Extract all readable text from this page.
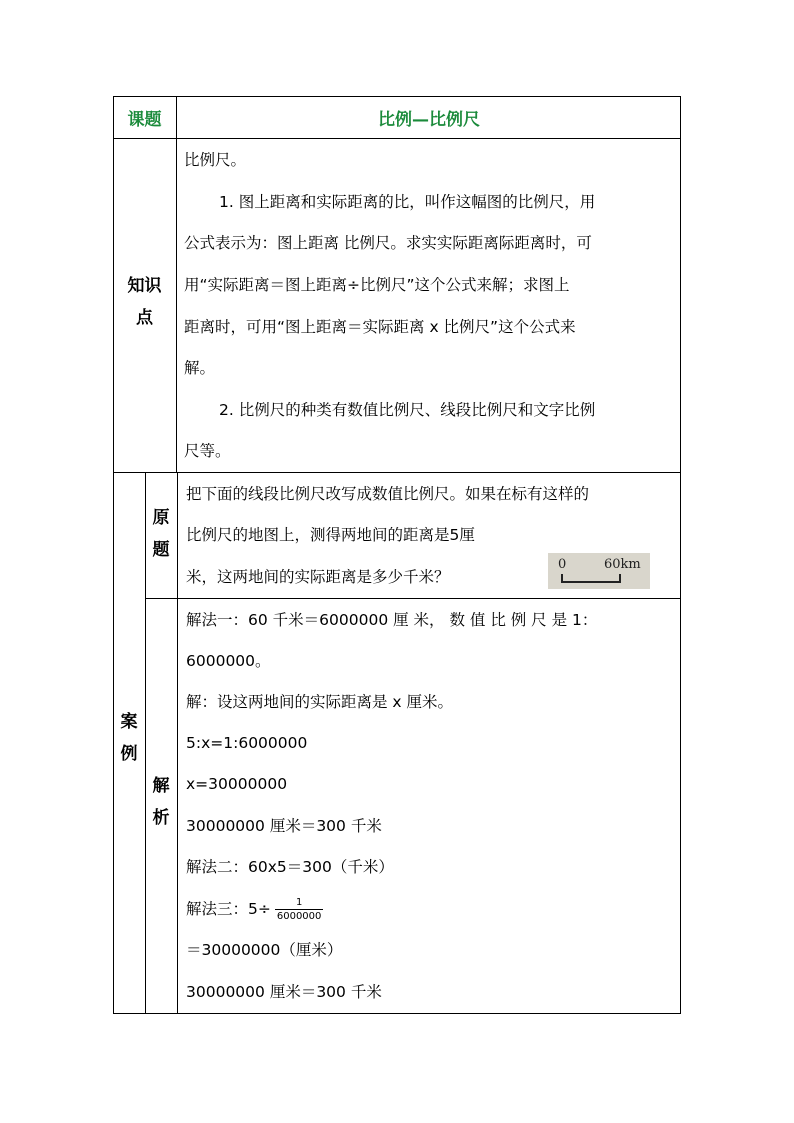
课题	比例—比例尺
知识
点
比例尺。
1. 图上距离和实际距离的比，叫作这幅图的比例尺，用
公式表示为：图上距离 比例尺。求实实际距离际距离时，可
用“实际距离＝图上距离÷比例尺”这个公式来解；求图上
距离时，可用“图上距离＝实际距离 x 比例尺”这个公式来
解。
2. 比例尺的种类有数值比例尺、线段比例尺和文字比例
尺等。
案
例
原
题
把下面的线段比例尺改写成数值比例尺。如果在标有这样的
比例尺的地图上，测得两地间的距离是5厘
米，这两地间的实际距离是多少千米？
0	60km
解
析
解法一：60 千米＝6000000 厘 米， 数 值 比 例 尺 是 1：
6000000。
解：设这两地间的实际距离是 x 厘米。
5:x=1:6000000
x=30000000
30000000 厘米＝300 千米
解法二：60x5＝300（千米）
解法三：$5\div \frac{1}{6000000}$
＝30000000（厘米）
30000000 厘米＝300 千米
